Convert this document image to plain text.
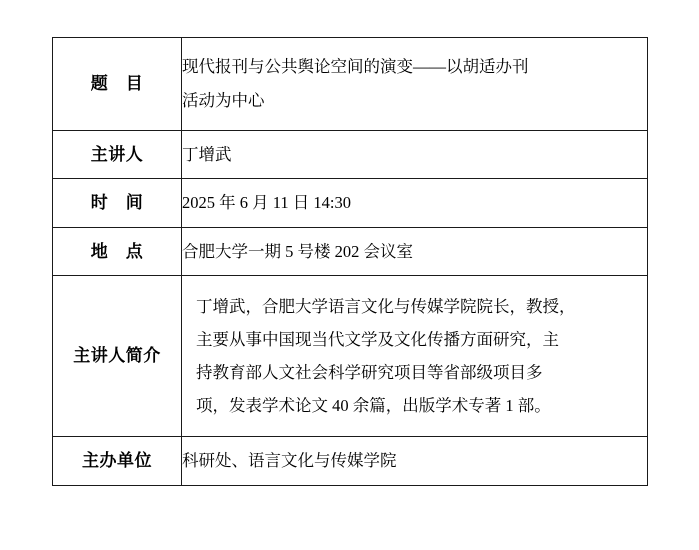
题　目	现代报刊与公共舆论空间的演变——以胡适办刊
活动为中心

主讲人	丁增武
时　间	2025 年 6 月 11 日 14:30
地　点	合肥大学一期 5 号楼 202 会议室
主讲人简介	丁增武，合肥大学语言文化与传媒学院院长，教授，
主要从事中国现当代文学及文化传播方面研究，主
持教育部人文社会科学研究项目等省部级项目多
项，发表学术论文 40 余篇，出版学术专著 1 部。

主办单位	科研处、语言文化与传媒学院
